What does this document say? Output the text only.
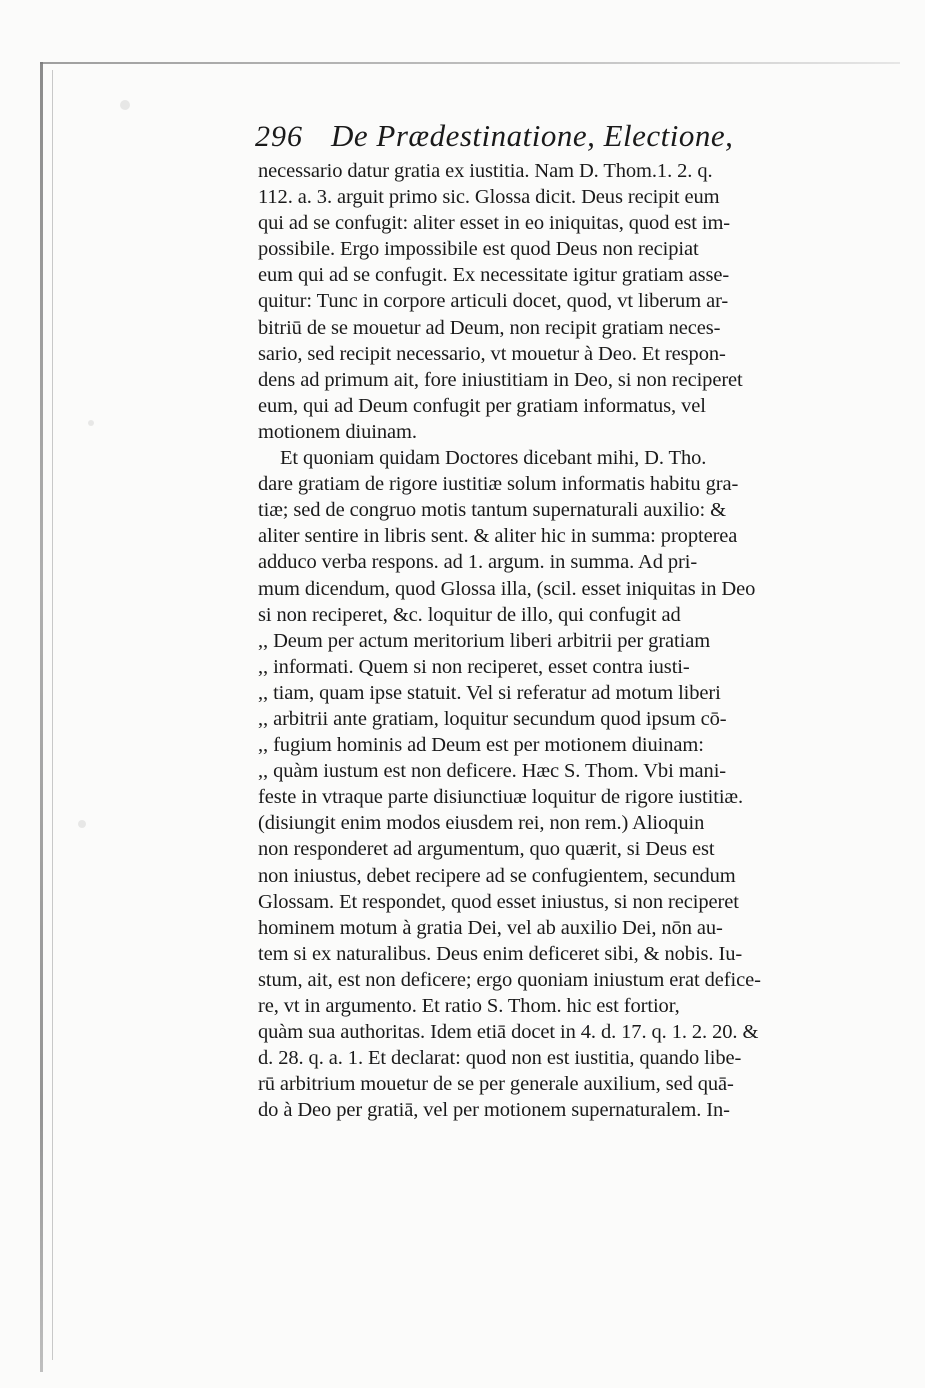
296 De Prædestinatione, Electione,
necessario datur gratia ex iustitia. Nam D. Thom.1. 2. q.
112. a. 3. arguit primo sic. Glossa dicit. Deus recipit eum
qui ad se confugit: aliter esset in eo iniquitas, quod est im-
possibile. Ergo impossibile est quod Deus non recipiat
eum qui ad se confugit. Ex necessitate igitur gratiam asse-
quitur: Tunc in corpore articuli docet, quod, vt liberum ar-
bitriū de se mouetur ad Deum, non recipit gratiam neces-
sario, sed recipit necessario, vt mouetur à Deo. Et respon-
dens ad primum ait, fore iniustitiam in Deo, si non reciperet
eum, qui ad Deum confugit per gratiam informatus, vel
motionem diuinam.
Et quoniam quidam Doctores dicebant mihi, D. Tho.
dare gratiam de rigore iustitiæ solum informatis habitu gra-
tiæ; sed de congruo motis tantum supernaturali auxilio: &
aliter sentire in libris sent. & aliter hic in summa: propterea
adduco verba respons. ad 1. argum. in summa. Ad pri-
mum dicendum, quod Glossa illa, (scil. esset iniquitas in Deo
si non reciperet, &c. loquitur de illo, qui confugit ad
,, Deum per actum meritorium liberi arbitrii per gratiam
,, informati. Quem si non reciperet, esset contra iusti-
,, tiam, quam ipse statuit. Vel si referatur ad motum liberi
,, arbitrii ante gratiam, loquitur secundum quod ipsum cō-
,, fugium hominis ad Deum est per motionem diuinam:
,, quàm iustum est non deficere. Hæc S. Thom. Vbi mani-
feste in vtraque parte disiunctiuæ loquitur de rigore iustitiæ.
(disiungit enim modos eiusdem rei, non rem.) Alioquin
non responderet ad argumentum, quo quærit, si Deus est
non iniustus, debet recipere ad se confugientem, secundum
Glossam. Et respondet, quod esset iniustus, si non reciperet
hominem motum à gratia Dei, vel ab auxilio Dei, nōn au-
tem si ex naturalibus. Deus enim deficeret sibi, & nobis. Iu-
stum, ait, est non deficere; ergo quoniam iniustum erat defice-
re, vt in argumento. Et ratio S. Thom. hic est fortior,
quàm sua authoritas. Idem etiā docet in 4. d. 17. q. 1. 2. 20. &
d. 28. q. a. 1. Et declarat: quod non est iustitia, quando libe-
rū arbitrium mouetur de se per generale auxilium, sed quā-
do à Deo per gratiā, vel per motionem supernaturalem. In-
